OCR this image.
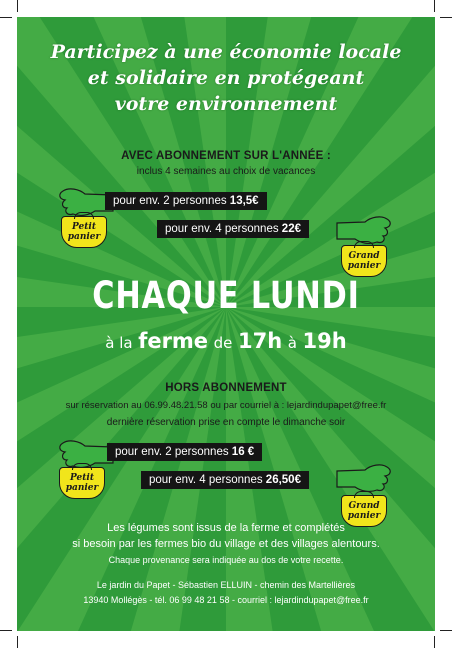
Participez à une économie locale
et solidaire en protégeant
votre environnement
AVEC ABONNEMENT SUR L'ANNÉE :
inclus 4 semaines au choix de vacances
pour env. 2 personnes 13,5€
Petit
panier
pour env. 4 personnes 22€
Grand
panier
CHAQUE LUNDI
à la ferme de 17h à 19h
HORS ABONNEMENT
sur réservation au 06.99.48.21.58 ou par courriel à : lejardindupapet@free.fr
dernière réservation prise en compte le dimanche soir
pour env. 2 personnes 16 €
Petit
panier
pour env. 4 personnes 26,50€
Grand
panier
Les légumes sont issus de la ferme et complétés
si besoin par les fermes bio du village et des villages alentours.
Chaque provenance sera indiquée au dos de votre recette.
Le jardin du Papet - Sébastien ELLUIN - chemin des Martellières
13940 Mollégès - tél. 06 99 48 21 58 - courriel : lejardindupapet@free.fr
